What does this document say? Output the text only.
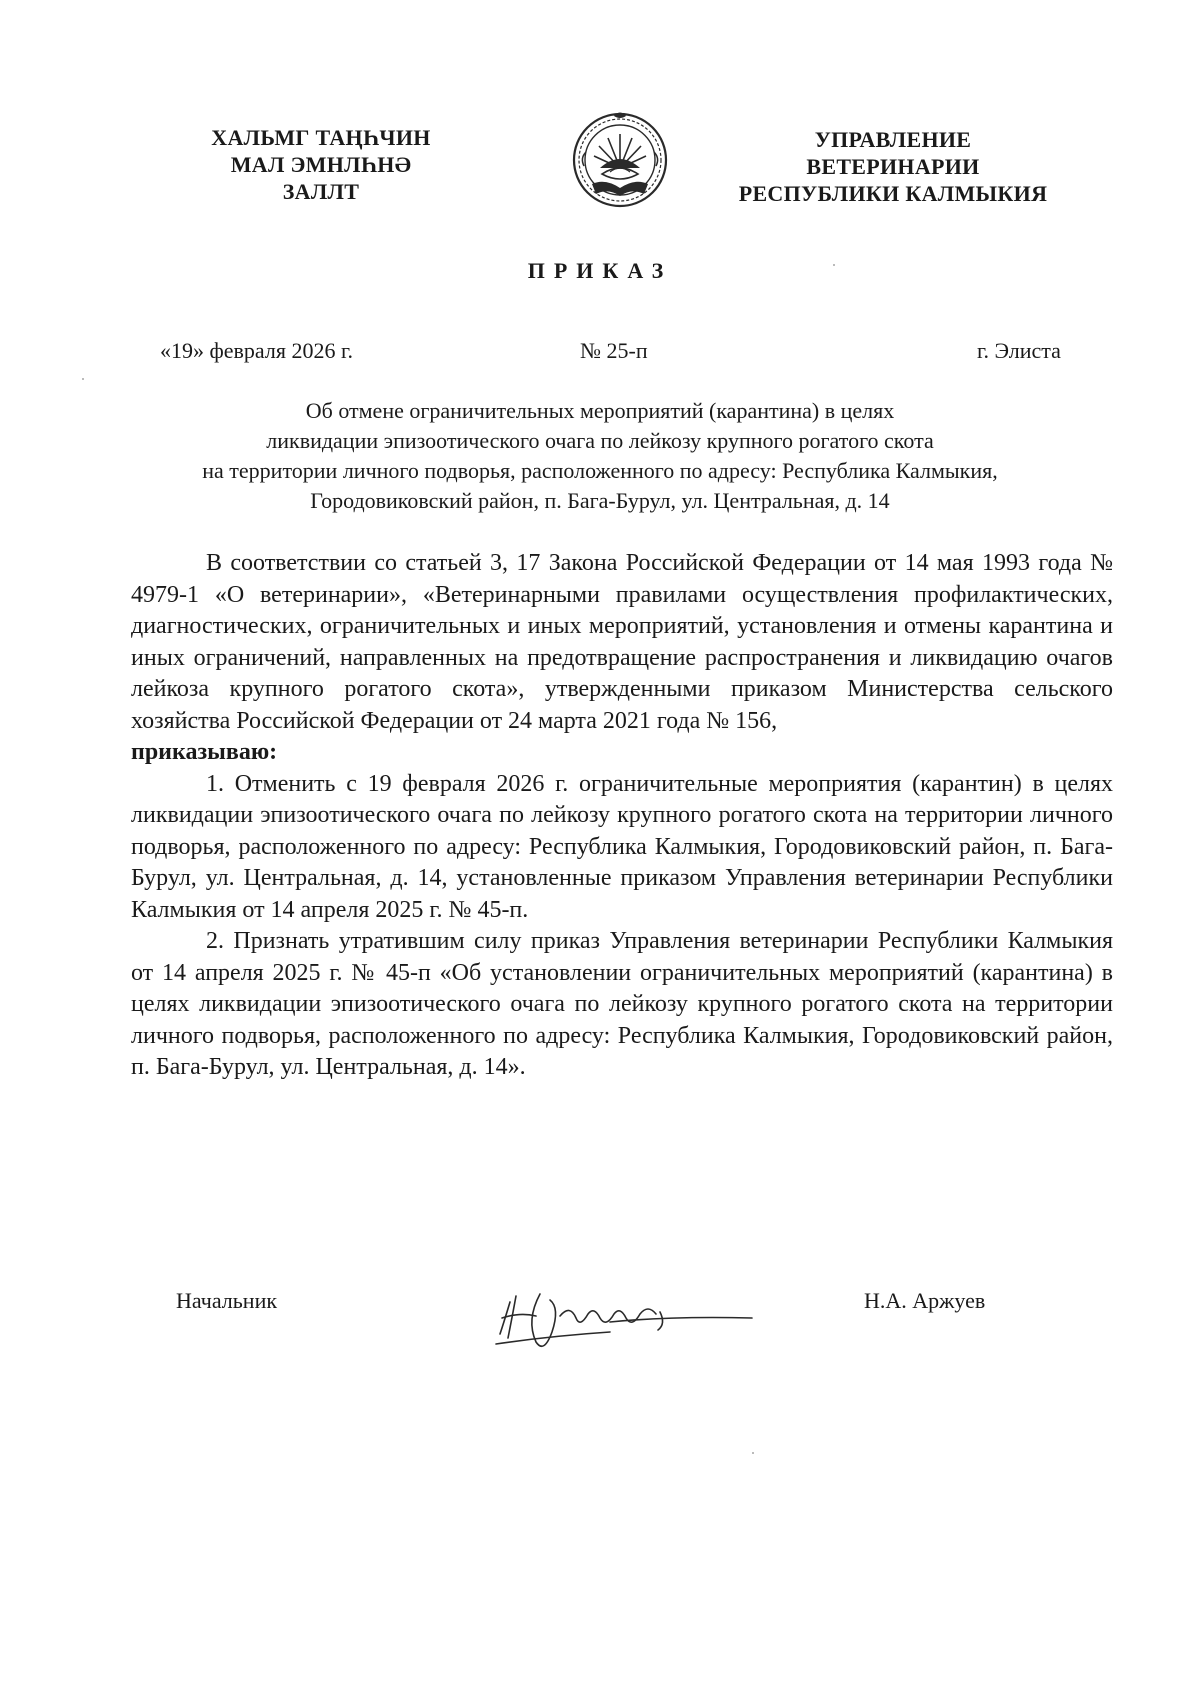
ХАЛЬМГ ТАҢҺЧИН
МАЛ ЭМНЛҺНӘ
ЗАЛЛТ
УПРАВЛЕНИЕ
ВЕТЕРИНАРИИ
РЕСПУБЛИКИ КАЛМЫКИЯ
ПРИКАЗ
«19» февраля 2026 г.	№ 25-п	г. Элиста
Об отмене ограничительных мероприятий (карантина) в целях
ликвидации эпизоотического очага по лейкозу крупного рогатого скота
на территории личного подворья, расположенного по адресу: Республика Калмыкия,
Городовиковский район, п. Бага-Бурул, ул. Центральная, д. 14

В соответствии со статьей 3, 17 Закона Российской Федерации от 14 мая 1993 года № 4979-1 «О ветеринарии», «Ветеринарными правилами осуществления профилактических, диагностических, ограничительных и иных мероприятий, установления и отмены карантина и иных ограничений, направленных на предотвращение распространения и ликвидацию очагов лейкоза крупного рогатого скота», утвержденными приказом Министерства сельского хозяйства Российской Федерации от 24 марта 2021 года № 156,

приказываю:

1. Отменить с 19 февраля 2026 г. ограничительные мероприятия (карантин) в целях ликвидации эпизоотического очага по лейкозу крупного рогатого скота на территории личного подворья, расположенного по адресу: Республика Калмыкия, Городовиковский район, п. Бага-Бурул, ул. Центральная, д. 14, установленные приказом Управления ветеринарии Республики Калмыкия от 14 апреля 2025 г. № 45-п.

2. Признать утратившим силу приказ Управления ветеринарии Республики Калмыкия от 14 апреля 2025 г. № 45-п «Об установлении ограничительных мероприятий (карантина) в целях ликвидации эпизоотического очага по лейкозу крупного рогатого скота на территории личного подворья, расположенного по адресу: Республика Калмыкия, Городовиковский район, п. Бага-Бурул, ул. Центральная, д. 14».

Начальник	Н.А. Аржуев
